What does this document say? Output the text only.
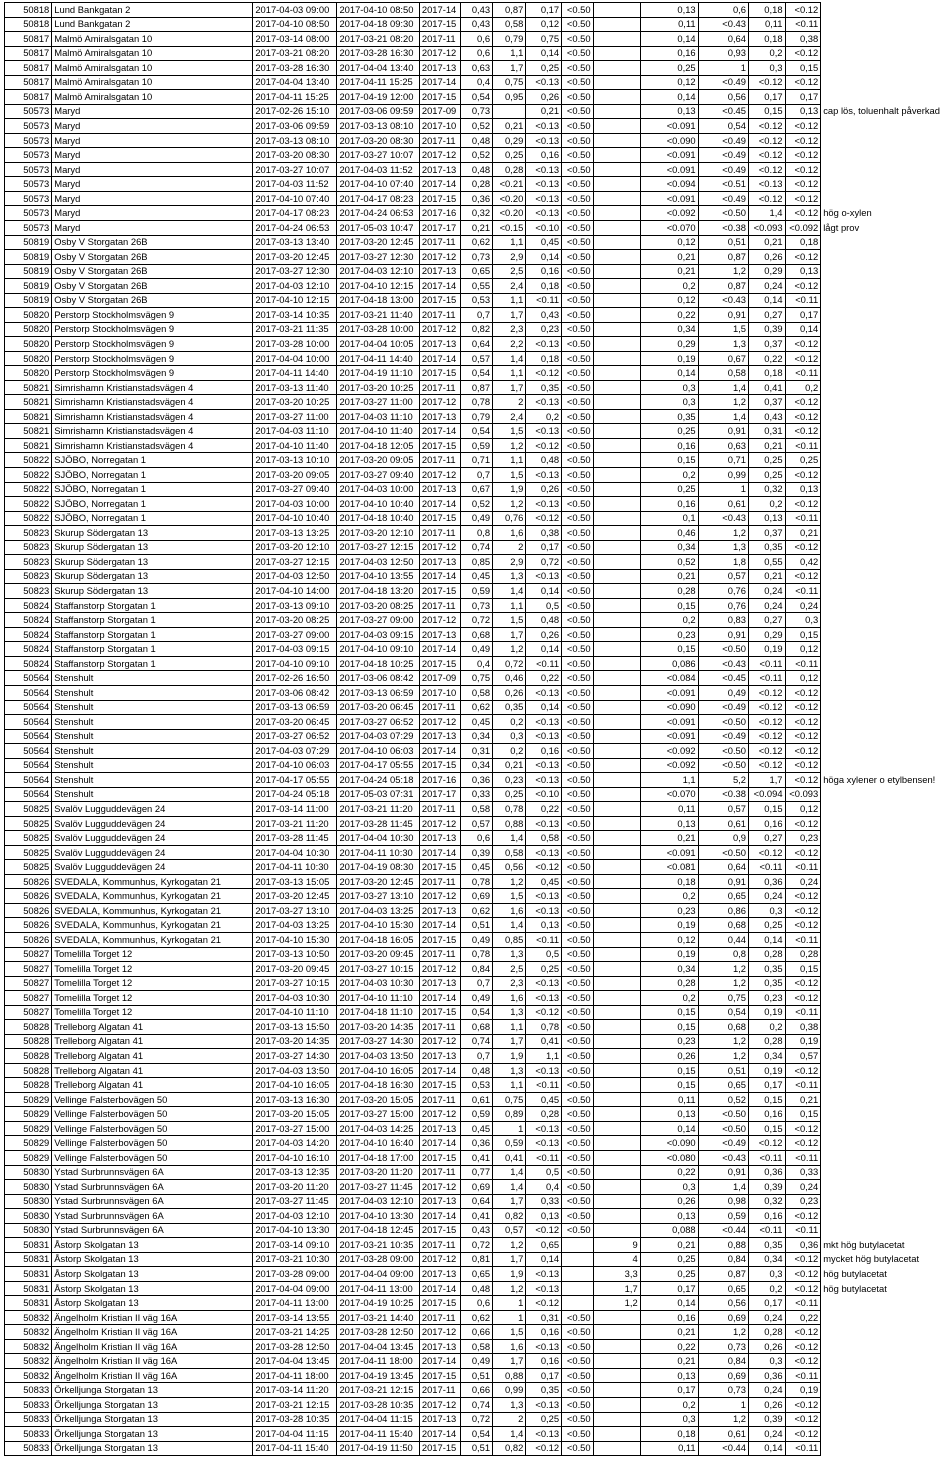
50818	Lund Bankgatan 2	2017-04-03 09:00	2017-04-10 08:50	2017-14	0,43	0,87	0,17	<0.50		0,13	0,6	0,18	<0.12	
50818	Lund Bankgatan 2	2017-04-10 08:50	2017-04-18 09:30	2017-15	0,43	0,58	0,12	<0.50		0,11	<0.43	0,11	<0.11	
50817	Malmö Amiralsgatan 10	2017-03-14 08:00	2017-03-21 08:20	2017-11	0,6	0,79	0,75	<0.50		0,14	0,64	0,18	0,38	
50817	Malmö Amiralsgatan 10	2017-03-21 08:20	2017-03-28 16:30	2017-12	0,6	1,1	0,14	<0.50		0,16	0,93	0,2	<0.12	
50817	Malmö Amiralsgatan 10	2017-03-28 16:30	2017-04-04 13:40	2017-13	0,63	1,7	0,25	<0.50		0,25	1	0,3	0,15	
50817	Malmö Amiralsgatan 10	2017-04-04 13:40	2017-04-11 15:25	2017-14	0,4	0,75	<0.13	<0.50		0,12	<0.49	<0.12	<0.12	
50817	Malmö Amiralsgatan 10	2017-04-11 15:25	2017-04-19 12:00	2017-15	0,54	0,95	0,26	<0.50		0,14	0,56	0,17	0,17	
50573	Maryd	2017-02-26 15:10	2017-03-06 09:59	2017-09	0,73		0,21	<0.50		0,13	<0.45	0,15	0,13	cap lös, toluenhalt påverkad
50573	Maryd	2017-03-06 09:59	2017-03-13 08:10	2017-10	0,52	0,21	<0.13	<0.50		<0.091	0,54	<0.12	<0.12	
50573	Maryd	2017-03-13 08:10	2017-03-20 08:30	2017-11	0,48	0,29	<0.13	<0.50		<0.090	<0.49	<0.12	<0.12	
50573	Maryd	2017-03-20 08:30	2017-03-27 10:07	2017-12	0,52	0,25	0,16	<0.50		<0.091	<0.49	<0.12	<0.12	
50573	Maryd	2017-03-27 10:07	2017-04-03 11:52	2017-13	0,48	0,28	<0.13	<0.50		<0.091	<0.49	<0.12	<0.12	
50573	Maryd	2017-04-03 11:52	2017-04-10 07:40	2017-14	0,28	<0.21	<0.13	<0.50		<0.094	<0.51	<0.13	<0.12	
50573	Maryd	2017-04-10 07:40	2017-04-17 08:23	2017-15	0,36	<0.20	<0.13	<0.50		<0.091	<0.49	<0.12	<0.12	
50573	Maryd	2017-04-17 08:23	2017-04-24 06:53	2017-16	0,32	<0.20	<0.13	<0.50		<0.092	<0.50	1,4	<0.12	hög o-xylen
50573	Maryd	2017-04-24 06:53	2017-05-03 10:47	2017-17	0,21	<0.15	<0.10	<0.50		<0.070	<0.38	<0.093	<0.092	lågt prov
50819	Osby V Storgatan 26B	2017-03-13 13:40	2017-03-20 12:45	2017-11	0,62	1,1	0,45	<0.50		0,12	0,51	0,21	0,18	
50819	Osby V Storgatan 26B	2017-03-20 12:45	2017-03-27 12:30	2017-12	0,73	2,9	0,14	<0.50		0,21	0,87	0,26	<0.12	
50819	Osby V Storgatan 26B	2017-03-27 12:30	2017-04-03 12:10	2017-13	0,65	2,5	0,16	<0.50		0,21	1,2	0,29	0,13	
50819	Osby V Storgatan 26B	2017-04-03 12:10	2017-04-10 12:15	2017-14	0,55	2,4	0,18	<0.50		0,2	0,87	0,24	<0.12	
50819	Osby V Storgatan 26B	2017-04-10 12:15	2017-04-18 13:00	2017-15	0,53	1,1	<0.11	<0.50		0,12	<0.43	0,14	<0.11	
50820	Perstorp Stockholmsvägen 9	2017-03-14 10:35	2017-03-21 11:40	2017-11	0,7	1,7	0,43	<0.50		0,22	0,91	0,27	0,17	
50820	Perstorp Stockholmsvägen 9	2017-03-21 11:35	2017-03-28 10:00	2017-12	0,82	2,3	0,23	<0.50		0,34	1,5	0,39	0,14	
50820	Perstorp Stockholmsvägen 9	2017-03-28 10:00	2017-04-04 10:05	2017-13	0,64	2,2	<0.13	<0.50		0,29	1,3	0,37	<0.12	
50820	Perstorp Stockholmsvägen 9	2017-04-04 10:00	2017-04-11 14:40	2017-14	0,57	1,4	0,18	<0.50		0,19	0,67	0,22	<0.12	
50820	Perstorp Stockholmsvägen 9	2017-04-11 14:40	2017-04-19 11:10	2017-15	0,54	1,1	<0.12	<0.50		0,14	0,58	0,18	<0.11	
50821	Simrishamn Kristianstadsvägen 4	2017-03-13 11:40	2017-03-20 10:25	2017-11	0,87	1,7	0,35	<0.50		0,3	1,4	0,41	0,2	
50821	Simrishamn Kristianstadsvägen 4	2017-03-20 10:25	2017-03-27 11:00	2017-12	0,78	2	<0.13	<0.50		0,3	1,2	0,37	<0.12	
50821	Simrishamn Kristianstadsvägen 4	2017-03-27 11:00	2017-04-03 11:10	2017-13	0,79	2,4	0,2	<0.50		0,35	1,4	0,43	<0.12	
50821	Simrishamn Kristianstadsvägen 4	2017-04-03 11:10	2017-04-10 11:40	2017-14	0,54	1,5	<0.13	<0.50		0,25	0,91	0,31	<0.12	
50821	Simrishamn Kristianstadsvägen 4	2017-04-10 11:40	2017-04-18 12:05	2017-15	0,59	1,2	<0.12	<0.50		0,16	0,63	0,21	<0.11	
50822	SJÖBO, Norregatan 1	2017-03-13 10:10	2017-03-20 09:05	2017-11	0,71	1,1	0,48	<0.50		0,15	0,71	0,25	0,25	
50822	SJÖBO, Norregatan 1	2017-03-20 09:05	2017-03-27 09:40	2017-12	0,7	1,5	<0.13	<0.50		0,2	0,99	0,25	<0.12	
50822	SJÖBO, Norregatan 1	2017-03-27 09:40	2017-04-03 10:00	2017-13	0,67	1,9	0,26	<0.50		0,25	1	0,32	0,13	
50822	SJÖBO, Norregatan 1	2017-04-03 10:00	2017-04-10 10:40	2017-14	0,52	1,2	<0.13	<0.50		0,16	0,61	0,2	<0.12	
50822	SJÖBO, Norregatan 1	2017-04-10 10:40	2017-04-18 10:40	2017-15	0,49	0,76	<0.12	<0.50		0,1	<0.43	0,13	<0.11	
50823	Skurup Södergatan 13	2017-03-13 13:25	2017-03-20 12:10	2017-11	0,8	1,6	0,38	<0.50		0,46	1,2	0,37	0,21	
50823	Skurup Södergatan 13	2017-03-20 12:10	2017-03-27 12:15	2017-12	0,74	2	0,17	<0.50		0,34	1,3	0,35	<0.12	
50823	Skurup Södergatan 13	2017-03-27 12:15	2017-04-03 12:50	2017-13	0,85	2,9	0,72	<0.50		0,52	1,8	0,55	0,42	
50823	Skurup Södergatan 13	2017-04-03 12:50	2017-04-10 13:55	2017-14	0,45	1,3	<0.13	<0.50		0,21	0,57	0,21	<0.12	
50823	Skurup Södergatan 13	2017-04-10 14:00	2017-04-18 13:20	2017-15	0,59	1,4	0,14	<0.50		0,28	0,76	0,24	<0.11	
50824	Staffanstorp Storgatan 1	2017-03-13 09:10	2017-03-20 08:25	2017-11	0,73	1,1	0,5	<0.50		0,15	0,76	0,24	0,24	
50824	Staffanstorp Storgatan 1	2017-03-20 08:25	2017-03-27 09:00	2017-12	0,72	1,5	0,48	<0.50		0,2	0,83	0,27	0,3	
50824	Staffanstorp Storgatan 1	2017-03-27 09:00	2017-04-03 09:15	2017-13	0,68	1,7	0,26	<0.50		0,23	0,91	0,29	0,15	
50824	Staffanstorp Storgatan 1	2017-04-03 09:15	2017-04-10 09:10	2017-14	0,49	1,2	0,14	<0.50		0,15	<0.50	0,19	0,12	
50824	Staffanstorp Storgatan 1	2017-04-10 09:10	2017-04-18 10:25	2017-15	0,4	0,72	<0.11	<0.50		0,086	<0.43	<0.11	<0.11	
50564	Stenshult	2017-02-26 16:50	2017-03-06 08:42	2017-09	0,75	0,46	0,22	<0.50		<0.084	<0.45	<0.11	0,12	
50564	Stenshult	2017-03-06 08:42	2017-03-13 06:59	2017-10	0,58	0,26	<0.13	<0.50		<0.091	0,49	<0.12	<0.12	
50564	Stenshult	2017-03-13 06:59	2017-03-20 06:45	2017-11	0,62	0,35	0,14	<0.50		<0.090	<0.49	<0.12	<0.12	
50564	Stenshult	2017-03-20 06:45	2017-03-27 06:52	2017-12	0,45	0,2	<0.13	<0.50		<0.091	<0.50	<0.12	<0.12	
50564	Stenshult	2017-03-27 06:52	2017-04-03 07:29	2017-13	0,34	0,3	<0.13	<0.50		<0.091	<0.49	<0.12	<0.12	
50564	Stenshult	2017-04-03 07:29	2017-04-10 06:03	2017-14	0,31	0,2	0,16	<0.50		<0.092	<0.50	<0.12	<0.12	
50564	Stenshult	2017-04-10 06:03	2017-04-17 05:55	2017-15	0,34	0,21	<0.13	<0.50		<0.092	<0.50	<0.12	<0.12	
50564	Stenshult	2017-04-17 05:55	2017-04-24 05:18	2017-16	0,36	0,23	<0.13	<0.50		1,1	5,2	1,7	<0.12	höga xylener o etylbensen!
50564	Stenshult	2017-04-24 05:18	2017-05-03 07:31	2017-17	0,33	0,25	<0.10	<0.50		<0.070	<0.38	<0.094	<0.093	
50825	Svalöv Lugguddevägen 24	2017-03-14 11:00	2017-03-21 11:20	2017-11	0,58	0,78	0,22	<0.50		0,11	0,57	0,15	0,12	
50825	Svalöv Lugguddevägen 24	2017-03-21 11:20	2017-03-28 11:45	2017-12	0,57	0,88	<0.13	<0.50		0,13	0,61	0,16	<0.12	
50825	Svalöv Lugguddevägen 24	2017-03-28 11:45	2017-04-04 10:30	2017-13	0,6	1,4	0,58	<0.50		0,21	0,9	0,27	0,23	
50825	Svalöv Lugguddevägen 24	2017-04-04 10:30	2017-04-11 10:30	2017-14	0,39	0,58	<0.13	<0.50		<0.091	<0.50	<0.12	<0.12	
50825	Svalöv Lugguddevägen 24	2017-04-11 10:30	2017-04-19 08:30	2017-15	0,45	0,56	<0.12	<0.50		<0.081	0,64	<0.11	<0.11	
50826	SVEDALA, Kommunhus, Kyrkogatan 21	2017-03-13 15:05	2017-03-20 12:45	2017-11	0,78	1,2	0,45	<0.50		0,18	0,91	0,36	0,24	
50826	SVEDALA, Kommunhus, Kyrkogatan 21	2017-03-20 12:45	2017-03-27 13:10	2017-12	0,69	1,5	<0.13	<0.50		0,2	0,65	0,24	<0.12	
50826	SVEDALA, Kommunhus, Kyrkogatan 21	2017-03-27 13:10	2017-04-03 13:25	2017-13	0,62	1,6	<0.13	<0.50		0,23	0,86	0,3	<0.12	
50826	SVEDALA, Kommunhus, Kyrkogatan 21	2017-04-03 13:25	2017-04-10 15:30	2017-14	0,51	1,4	0,13	<0.50		0,19	0,68	0,25	<0.12	
50826	SVEDALA, Kommunhus, Kyrkogatan 21	2017-04-10 15:30	2017-04-18 16:05	2017-15	0,49	0,85	<0.11	<0.50		0,12	0,44	0,14	<0.11	
50827	Tomelilla Torget 12	2017-03-13 10:50	2017-03-20 09:45	2017-11	0,78	1,3	0,5	<0.50		0,19	0,8	0,28	0,28	
50827	Tomelilla Torget 12	2017-03-20 09:45	2017-03-27 10:15	2017-12	0,84	2,5	0,25	<0.50		0,34	1,2	0,35	0,15	
50827	Tomelilla Torget 12	2017-03-27 10:15	2017-04-03 10:30	2017-13	0,7	2,3	<0.13	<0.50		0,28	1,2	0,35	<0.12	
50827	Tomelilla Torget 12	2017-04-03 10:30	2017-04-10 11:10	2017-14	0,49	1,6	<0.13	<0.50		0,2	0,75	0,23	<0.12	
50827	Tomelilla Torget 12	2017-04-10 11:10	2017-04-18 11:10	2017-15	0,54	1,3	<0.12	<0.50		0,15	0,54	0,19	<0.11	
50828	Trelleborg Algatan 41	2017-03-13 15:50	2017-03-20 14:35	2017-11	0,68	1,1	0,78	<0.50		0,15	0,68	0,2	0,38	
50828	Trelleborg Algatan 41	2017-03-20 14:35	2017-03-27 14:30	2017-12	0,74	1,7	0,41	<0.50		0,23	1,2	0,28	0,19	
50828	Trelleborg Algatan 41	2017-03-27 14:30	2017-04-03 13:50	2017-13	0,7	1,9	1,1	<0.50		0,26	1,2	0,34	0,57	
50828	Trelleborg Algatan 41	2017-04-03 13:50	2017-04-10 16:05	2017-14	0,48	1,3	<0.13	<0.50		0,15	0,51	0,19	<0.12	
50828	Trelleborg Algatan 41	2017-04-10 16:05	2017-04-18 16:30	2017-15	0,53	1,1	<0.11	<0.50		0,15	0,65	0,17	<0.11	
50829	Vellinge Falsterbovägen 50	2017-03-13 16:30	2017-03-20 15:05	2017-11	0,61	0,75	0,45	<0.50		0,11	0,52	0,15	0,21	
50829	Vellinge Falsterbovägen 50	2017-03-20 15:05	2017-03-27 15:00	2017-12	0,59	0,89	0,28	<0.50		0,13	<0.50	0,16	0,15	
50829	Vellinge Falsterbovägen 50	2017-03-27 15:00	2017-04-03 14:25	2017-13	0,45	1	<0.13	<0.50		0,14	<0.50	0,15	<0.12	
50829	Vellinge Falsterbovägen 50	2017-04-03 14:20	2017-04-10 16:40	2017-14	0,36	0,59	<0.13	<0.50		<0.090	<0.49	<0.12	<0.12	
50829	Vellinge Falsterbovägen 50	2017-04-10 16:10	2017-04-18 17:00	2017-15	0,41	0,41	<0.11	<0.50		<0.080	<0.43	<0.11	<0.11	
50830	Ystad Surbrunnsvägen 6A	2017-03-13 12:35	2017-03-20 11:20	2017-11	0,77	1,4	0,5	<0.50		0,22	0,91	0,36	0,33	
50830	Ystad Surbrunnsvägen 6A	2017-03-20 11:20	2017-03-27 11:45	2017-12	0,69	1,4	0,4	<0.50		0,3	1,4	0,39	0,24	
50830	Ystad Surbrunnsvägen 6A	2017-03-27 11:45	2017-04-03 12:10	2017-13	0,64	1,7	0,33	<0.50		0,26	0,98	0,32	0,23	
50830	Ystad Surbrunnsvägen 6A	2017-04-03 12:10	2017-04-10 13:30	2017-14	0,41	0,82	0,13	<0.50		0,13	0,59	0,16	<0.12	
50830	Ystad Surbrunnsvägen 6A	2017-04-10 13:30	2017-04-18 12:45	2017-15	0,43	0,57	<0.12	<0.50		0,088	<0.44	<0.11	<0.11	
50831	Åstorp Skolgatan 13	2017-03-14 09:10	2017-03-21 10:35	2017-11	0,72	1,2	0,65		9	0,21	0,88	0,35	0,36	mkt hög butylacetat
50831	Åstorp Skolgatan 13	2017-03-21 10:30	2017-03-28 09:00	2017-12	0,81	1,7	0,14		4	0,25	0,84	0,34	<0.12	mycket hög butylacetat
50831	Åstorp Skolgatan 13	2017-03-28 09:00	2017-04-04 09:00	2017-13	0,65	1,9	<0.13		3,3	0,25	0,87	0,3	<0.12	hög butylacetat
50831	Åstorp Skolgatan 13	2017-04-04 09:00	2017-04-11 13:00	2017-14	0,48	1,2	<0.13		1,7	0,17	0,65	0,2	<0.12	hög butylacetat
50831	Åstorp Skolgatan 13	2017-04-11 13:00	2017-04-19 10:25	2017-15	0,6	1	<0.12		1,2	0,14	0,56	0,17	<0.11	
50832	Ängelholm Kristian II väg 16A	2017-03-14 13:55	2017-03-21 14:40	2017-11	0,62	1	0,31	<0.50		0,16	0,69	0,24	0,22	
50832	Ängelholm Kristian II väg 16A	2017-03-21 14:25	2017-03-28 12:50	2017-12	0,66	1,5	0,16	<0.50		0,21	1,2	0,28	<0.12	
50832	Ängelholm Kristian II väg 16A	2017-03-28 12:50	2017-04-04 13:45	2017-13	0,58	1,6	<0.13	<0.50		0,22	0,73	0,26	<0.12	
50832	Ängelholm Kristian II väg 16A	2017-04-04 13:45	2017-04-11 18:00	2017-14	0,49	1,7	0,16	<0.50		0,21	0,84	0,3	<0.12	
50832	Ängelholm Kristian II väg 16A	2017-04-11 18:00	2017-04-19 13:45	2017-15	0,51	0,88	0,17	<0.50		0,13	0,69	0,36	<0.11	
50833	Örkelljunga Storgatan 13	2017-03-14 11:20	2017-03-21 12:15	2017-11	0,66	0,99	0,35	<0.50		0,17	0,73	0,24	0,19	
50833	Örkelljunga Storgatan 13	2017-03-21 12:15	2017-03-28 10:35	2017-12	0,74	1,3	<0.13	<0.50		0,2	1	0,26	<0.12	
50833	Örkelljunga Storgatan 13	2017-03-28 10:35	2017-04-04 11:15	2017-13	0,72	2	0,25	<0.50		0,3	1,2	0,39	<0.12	
50833	Örkelljunga Storgatan 13	2017-04-04 11:15	2017-04-11 15:40	2017-14	0,54	1,4	<0.13	<0.50		0,18	0,61	0,24	<0.12	
50833	Örkelljunga Storgatan 13	2017-04-11 15:40	2017-04-19 11:50	2017-15	0,51	0,82	<0.12	<0.50		0,11	<0.44	0,14	<0.11	
